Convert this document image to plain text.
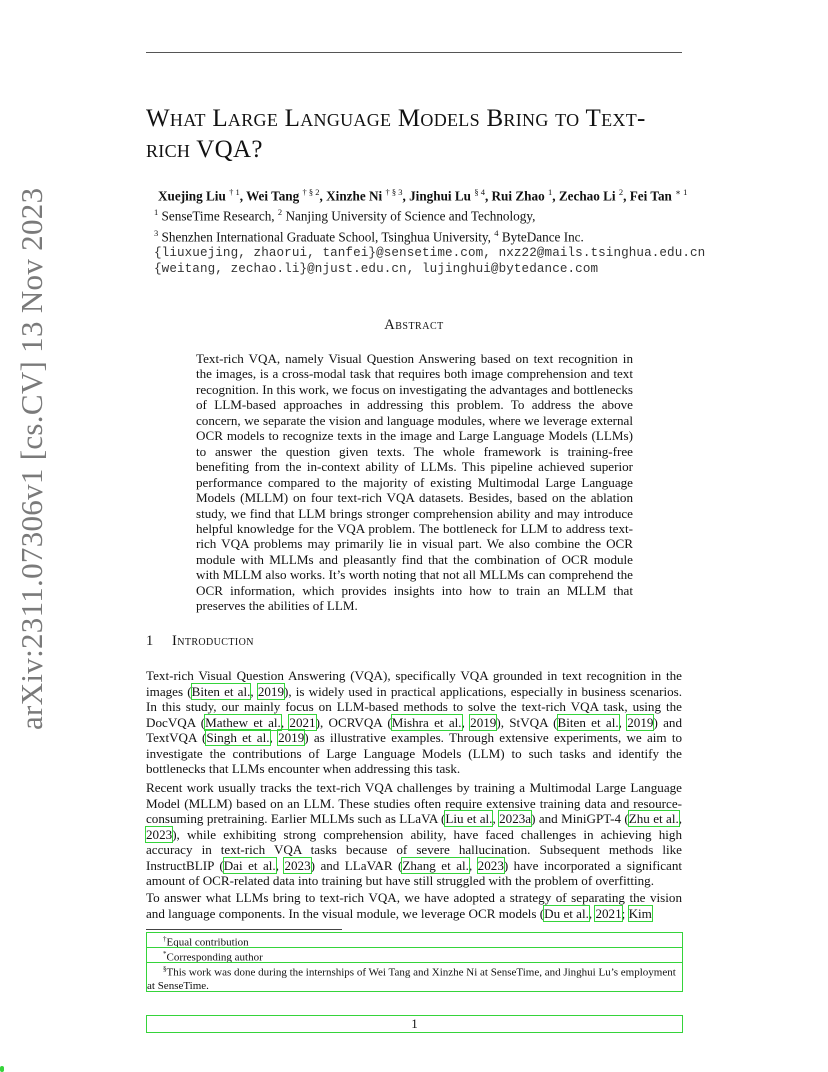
arXiv:2311.07306v1 [cs.CV] 13 Nov 2023
What Large Language Models Bring to Text-
rich VQA?
Xuejing Liu $^{\dagger 1}$, Wei Tang $^{\dagger \S 2}$, Xinzhe Ni $^{\dagger \S 3}$, Jinghui Lu $^{\S 4}$, Rui Zhao $^1$, Zechao Li $^2$, Fei Tan $^{∗ 1}$
$^1$ SenseTime Research, $^2$ Nanjing University of Science and Technology,
$^3$ Shenzhen International Graduate School, Tsinghua University, $^4$ ByteDance Inc.
{liuxuejing, zhaorui, tanfei}@sensetime.com, nxz22@mails.tsinghua.edu.cn
{weitang, zechao.li}@njust.edu.cn, lujinghui@bytedance.com
Abstract
Text-rich VQA, namely Visual Question Answering based on text recognition in the images, is a cross-modal task that requires both image comprehension and text recognition. In this work, we focus on investigating the advantages and bottlenecks of LLM-based approaches in addressing this problem. To address the above concern, we separate the vision and language modules, where we leverage external OCR models to recognize texts in the image and Large Language Models (LLMs) to answer the question given texts. The whole framework is training-free benefiting from the in-context ability of LLMs. This pipeline achieved superior performance compared to the majority of existing Multimodal Large Language Models (MLLM) on four text-rich VQA datasets. Besides, based on the ablation study, we find that LLM brings stronger comprehension ability and may introduce helpful knowledge for the VQA problem. The bottleneck for LLM to address text-rich VQA problems may primarily lie in visual part. We also combine the OCR module with MLLMs and pleasantly find that the combination of OCR module with MLLM also works. It’s worth noting that not all MLLMs can comprehend the OCR information, which provides insights into how to train an MLLM that preserves the abilities of LLM.
1 Introduction
Text-rich Visual Question Answering (VQA), specifically VQA grounded in text recognition in the images (Biten et al., 2019), is widely used in practical applications, especially in business scenarios. In this study, our mainly focus on LLM-based methods to solve the text-rich VQA task, using the DocVQA (Mathew et al., 2021), OCRVQA (Mishra et al., 2019), StVQA (Biten et al., 2019) and TextVQA (Singh et al., 2019) as illustrative examples. Through extensive experiments, we aim to investigate the contributions of Large Language Models (LLM) to such tasks and identify the bottlenecks that LLMs encounter when addressing this task.
Recent work usually tracks the text-rich VQA challenges by training a Multimodal Large Language Model (MLLM) based on an LLM. These studies often require extensive training data and resource-consuming pretraining. Earlier MLLMs such as LLaVA (Liu et al., 2023a) and MiniGPT-4 (Zhu et al., 2023), while exhibiting strong comprehension ability, have faced challenges in achieving high accuracy in text-rich VQA tasks because of severe hallucination. Subsequent methods like InstructBLIP (Dai et al., 2023) and LLaVAR (Zhang et al., 2023) have incorporated a significant amount of OCR-related data into training but have still struggled with the problem of overfitting.
To answer what LLMs bring to text-rich VQA, we have adopted a strategy of separating the vision and language components. In the visual module, we leverage OCR models (Du et al., 2021; Kim
†Equal contribution
*Corresponding author
§This work was done during the internships of Wei Tang and Xinzhe Ni at SenseTime, and Jinghui Lu’s employment at SenseTime.
1
